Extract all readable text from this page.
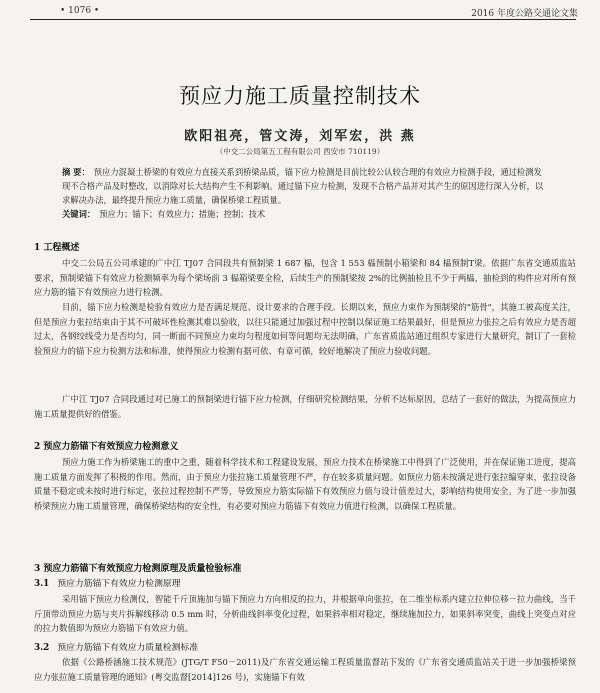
• 1076 •	2016 年度公路交通论文集
预应力施工质量控制技术
欧阳祖亮，管文涛，刘军宏，洪 燕
（中交二公局第五工程有限公司 西安市 710119）
摘 要： 预应力混凝土桥梁的有效应力直接关系到桥梁品质，锚下应力检测是目前比较公认较合理的有效应力检测手段，通过检测发现不合格产品及时整改，以消除对长大结构产生不利影响。通过锚下应力检测，发现不合格产品并对其产生的原因进行深入分析，以求解决办法，最终提升预应力施工质量，确保桥梁工程质量。
关键词： 预应力；锚下；有效应力；措施；控制；技术
1 工程概述
中交二公局五公司承建的广中江 TJ07 合同段共有预制梁 1 687 榀，包含 1 553 榀预制小箱梁和 84 榀预制T梁。依据广东省交通质监站要求，预制梁锚下有效应力检测频率为每个梁场前 3 榀箱梁要全检，后续生产的预制梁按 2%的比例抽检且不少于两榀，抽检到的构件应对所有预应力筋的锚下有效预应力进行检测。
目前，锚下应力检测是检验有效应力是否满足规范、设计要求的合理手段。长期以来，预应力束作为预制梁的"筋骨"，其施工被高度关注，但是预应力张拉结束由于其不可破坏性检测其难以验收，以往只能通过加强过程中控制以保证施工结果最好，但是预应力张拉之后有效应力是否超过太，各钢绞线受力是否均匀，同一断面不同预应力束均匀程度如何等问题均无法明确，广东省质监站通过组织专家进行大量研究，制订了一套检验预应力的锚下应力检测方法和标准，使得预应力检测有据可依、有章可循，较好地解决了预应力验收问题。
广中江 TJ07 合同段通过对已施工的预制梁进行锚下应力检测，仔细研究检测结果，分析不达标原因，总结了一套好的做法，为提高预应力施工质量提供好的借鉴。
2 预应力筋锚下有效预应力检测意义
预应力施工作为桥梁施工的重中之重，随着科学技术和工程建设发展，预应力技术在桥梁施工中得到了广泛使用，并在保证施工进度，提高施工质量方面发挥了积极的作用。然而，由于预应力张拉施工质量管理不严，存在较多质量问题。如预应力筋未按满足进行张拉编穿束，张拉设备质量不稳定或未按时进行标定，张拉过程控制不严等，导致预应力筋实际锚下有效预应力值与设计值差过大，影响结构使用安全。为了进一步加强桥梁预应力施工质量管理，确保桥梁结构的安全性，有必要对预应力筋锚下有效应力值进行检测，以确保工程质量。
3 预应力筋锚下有效预应力检测原理及质量检验标准
3.1 预应力筋锚下有效应力检测原理
采用锚下预应力检测仪，智能千斤顶施加与锚下预应力方向相反的拉力，并根据单向张拉，在二维坐标系内建立拉伸位移－拉力曲线，当千斤顶带动预应力筋与夹片拆解线移动 0.5 mm 时，分析曲线斜率变化过程，如果斜率相对稳定，继续施加拉力，如果斜率突变，曲线上突变点对应的拉力数值即为预应力筋锚下有效应力值。
3.2 预应力筋锚下有效应力质量检测标准
依据《公路桥涵施工技术规范》(JTG/T F50－2011)及广东省交通运输工程质量监督站下发的《广东省交通质监站关于进一步加强桥梁预应力张拉施工质量管理的通知》(粤交监督[2014]126 号)，实施锚下有效
